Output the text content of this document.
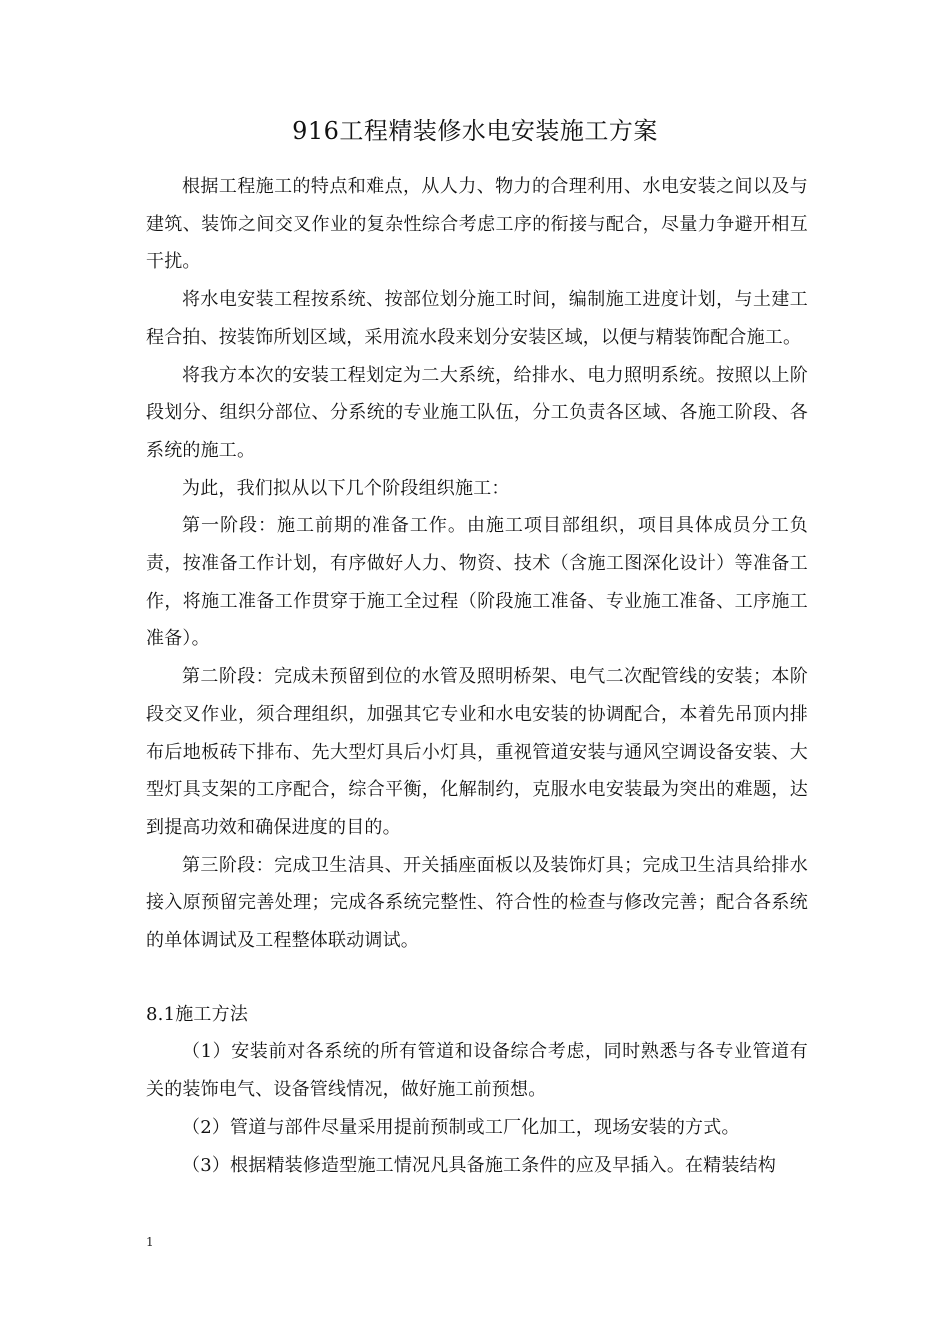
916工程精装修水电安装施工方案

根据工程施工的特点和难点，从人力、物力的合理利用、水电安装之间以及与建筑、装饰之间交叉作业的复杂性综合考虑工序的衔接与配合，尽量力争避开相互干扰。

将水电安装工程按系统、按部位划分施工时间，编制施工进度计划，与土建工程合拍、按装饰所划区域，采用流水段来划分安装区域，以便与精装饰配合施工。

将我方本次的安装工程划定为二大系统，给排水、电力照明系统。按照以上阶段划分、组织分部位、分系统的专业施工队伍，分工负责各区域、各施工阶段、各系统的施工。

为此，我们拟从以下几个阶段组织施工：

第一阶段：施工前期的准备工作。由施工项目部组织，项目具体成员分工负责，按准备工作计划，有序做好人力、物资、技术（含施工图深化设计）等准备工作，将施工准备工作贯穿于施工全过程（阶段施工准备、专业施工准备、工序施工准备）。

第二阶段：完成未预留到位的水管及照明桥架、电气二次配管线的安装；本阶段交叉作业，须合理组织，加强其它专业和水电安装的协调配合，本着先吊顶内排布后地板砖下排布、先大型灯具后小灯具，重视管道安装与通风空调设备安装、大型灯具支架的工序配合，综合平衡，化解制约，克服水电安装最为突出的难题，达到提高功效和确保进度的目的。

第三阶段：完成卫生洁具、开关插座面板以及装饰灯具；完成卫生洁具给排水接入原预留完善处理；完成各系统完整性、符合性的检查与修改完善；配合各系统的单体调试及工程整体联动调试。

8.1施工方法

（1）安装前对各系统的所有管道和设备综合考虑，同时熟悉与各专业管道有关的装饰电气、设备管线情况，做好施工前预想。

（2）管道与部件尽量采用提前预制或工厂化加工，现场安装的方式。

（3）根据精装修造型施工情况凡具备施工条件的应及早插入。在精装结构

1
